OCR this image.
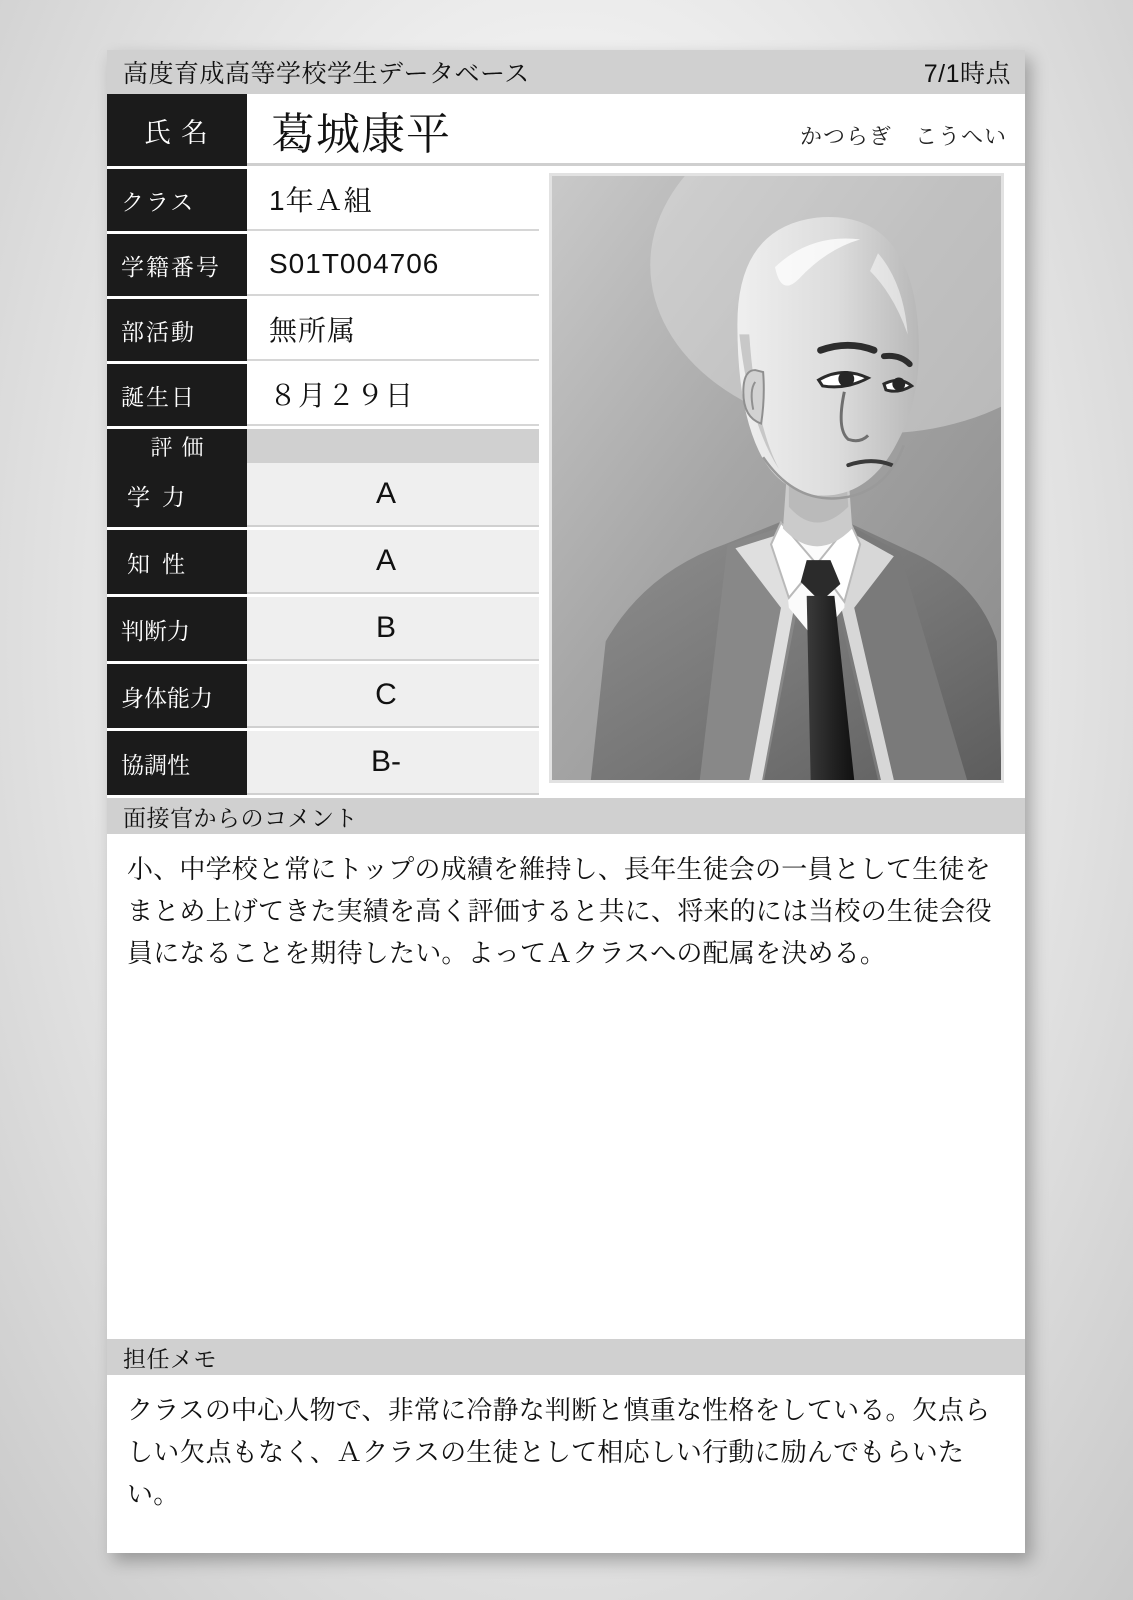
高度育成高等学校学生データベース	7/1時点
氏名	葛城康平	かつらぎ　こうへい
クラス	1年Ａ組
学籍番号	S01T004706
部活動	無所属
誕生日	８月２９日
評価
学力	A
知性	A
判断力	B
身体能力	C
協調性	B-
面接官からのコメント
小、中学校と常にトップの成績を維持し、長年生徒会の一員として生徒をまとめ上げてきた実績を高く評価すると共に、将来的には当校の生徒会役員になることを期待したい。よってＡクラスへの配属を決める。
担任メモ
クラスの中心人物で、非常に冷静な判断と慎重な性格をしている。欠点らしい欠点もなく、Ａクラスの生徒として相応しい行動に励んでもらいたい。
